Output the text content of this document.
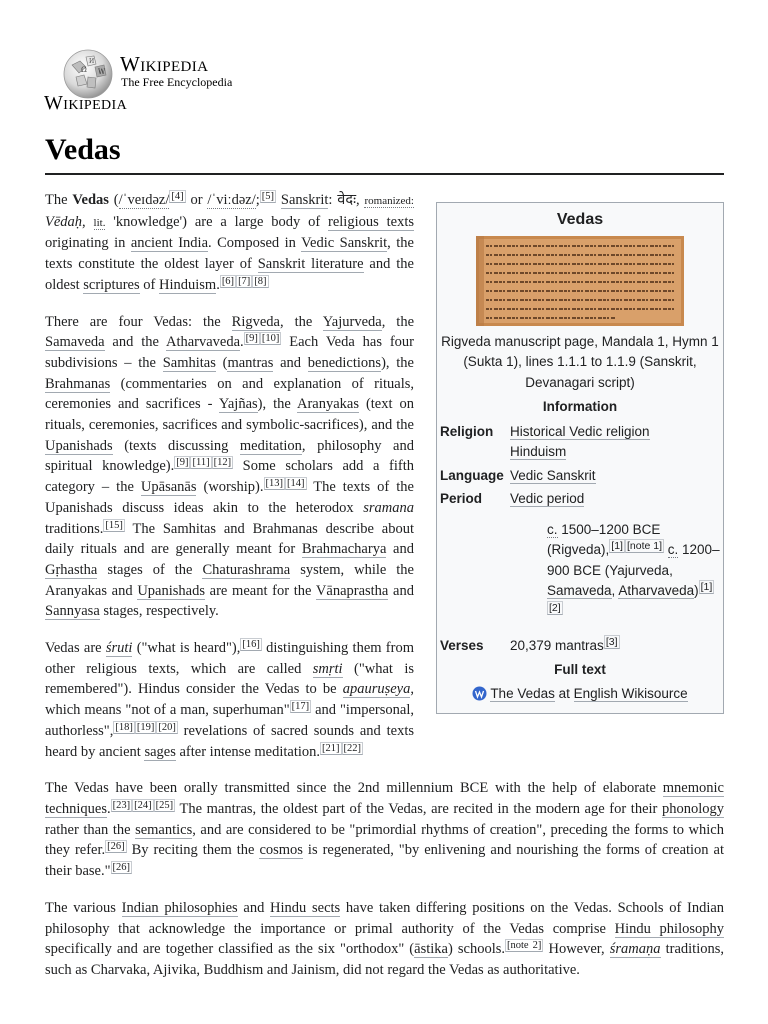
Ω W
И Wikipedia
The Free Encyclopedia
Wikipedia
Vedas
Vedas
Rigveda manuscript page, Mandala 1, Hymn 1 (Sukta 1), lines 1.1.1 to 1.1.9 (Sanskrit, Devanagari script)
Information
Religion	Historical Vedic religion
Hinduism
Language Vedic Sanskrit
Period	Vedic period
c. 1500–1200 BCE (Rigveda), [1] [note 1] c. 1200–900 BCE (Yajurveda, Samaveda, Atharvaveda) [1][2]
Verses	20,379 mantras [3]
Full text
The Vedas at English Wikisource

The Vedas (/ˈveɪdəz/ [4] or /ˈviːdəz/; [5] Sanskrit: वेदः, romanized: Vēdaḥ, lit. 'knowledge') are a large body of religious texts originating in ancient India. Composed in Vedic Sanskrit, the texts constitute the oldest layer of Sanskrit literature and the oldest scriptures of Hinduism. [6] [7] [8]

There are four Vedas: the Rigveda, the Yajurveda, the Samaveda and the Atharvaveda. [9] [10] Each Veda has four subdivisions – the Samhitas (mantras and benedictions), the Brahmanas (commentaries on and explanation of rituals, ceremonies and sacrifices - Yajñas), the Aranyakas (text on rituals, ceremonies, sacrifices and symbolic-sacrifices), and the Upanishads (texts discussing meditation, philosophy and spiritual knowledge). [9] [11] [12] Some scholars add a fifth category – the Upāsanās (worship). [13] [14] The texts of the Upanishads discuss ideas akin to the heterodox sramana traditions. [15] The Samhitas and Brahmanas describe about daily rituals and are generally meant for Brahmacharya and Gṛhastha stages of the Chaturashrama system, while the Aranyakas and Upanishads are meant for the Vānaprastha and Sannyasa stages, respectively.

Vedas are śruti ("what is heard"), [16] distinguishing them from other religious texts, which are called smṛti ("what is remembered"). Hindus consider the Vedas to be apauruṣeya, which means "not of a man, superhuman" [17] and "impersonal, authorless", [18] [19] [20] revelations of sacred sounds and texts heard by ancient sages after intense meditation. [21] [22]

The Vedas have been orally transmitted since the 2nd millennium BCE with the help of elaborate mnemonic techniques. [23] [24] [25] The mantras, the oldest part of the Vedas, are recited in the modern age for their phonology rather than the semantics, and are considered to be "primordial rhythms of creation", preceding the forms to which they refer. [26] By reciting them the cosmos is regenerated, "by enlivening and nourishing the forms of creation at their base." [26]

The various Indian philosophies and Hindu sects have taken differing positions on the Vedas. Schools of Indian philosophy that acknowledge the importance or primal authority of the Vedas comprise Hindu philosophy specifically and are together classified as the six "orthodox" (āstika) schools. [note 2] However, śramaṇa traditions, such as Charvaka, Ajivika, Buddhism and Jainism, did not regard the Vedas as authoritative.
